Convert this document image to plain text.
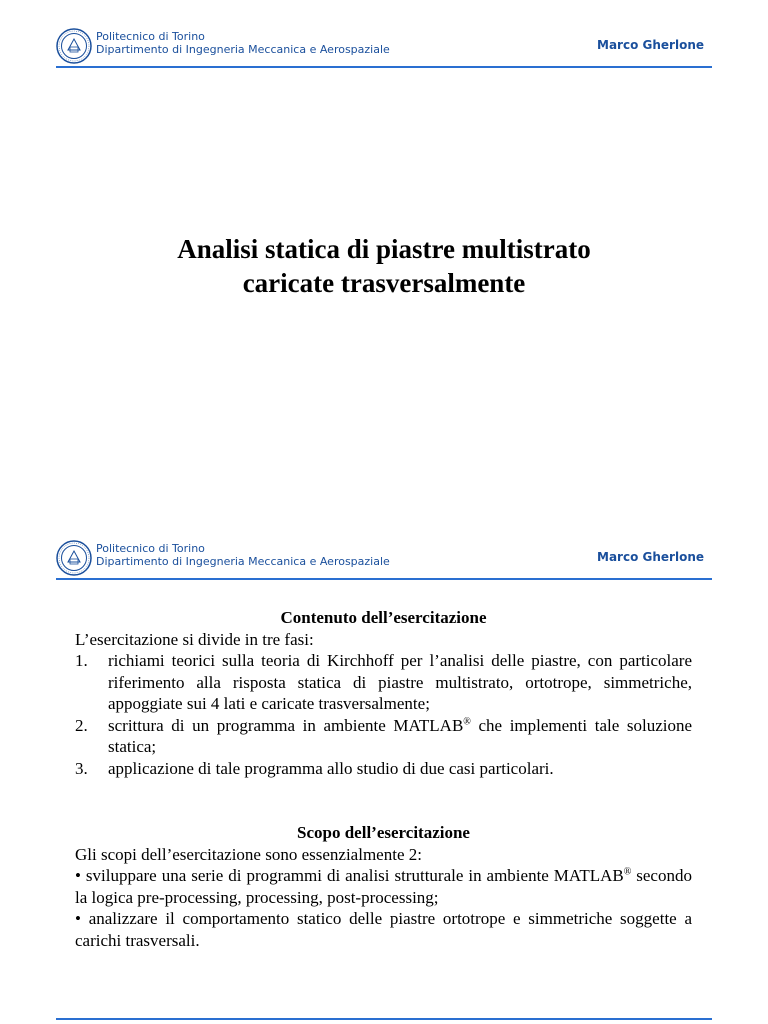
Politecnico di Torino
Dipartimento di Ingegneria Meccanica e Aerospaziale	Marco Gherlone
Analisi statica di piastre multistrato
caricate trasversalmente
Politecnico di Torino
Dipartimento di Ingegneria Meccanica e Aerospaziale	Marco Gherlone
Contenuto dell’esercitazione
L’esercitazione si divide in tre fasi:
1. richiami teorici sulla teoria di Kirchhoff per l’analisi delle piastre, con particolare riferimento alla risposta statica di piastre multistrato, ortotrope, simmetriche, appoggiate sui 4 lati e caricate trasversalmente;
2. scrittura di un programma in ambiente MATLAB® che implementi tale soluzione statica;
3. applicazione di tale programma allo studio di due casi particolari.
Scopo dell’esercitazione
Gli scopi dell’esercitazione sono essenzialmente 2:
• sviluppare una serie di programmi di analisi strutturale in ambiente MATLAB® secondo la logica pre-processing, processing, post-processing;
• analizzare il comportamento statico delle piastre ortotrope e simmetriche soggette a carichi trasversali.
